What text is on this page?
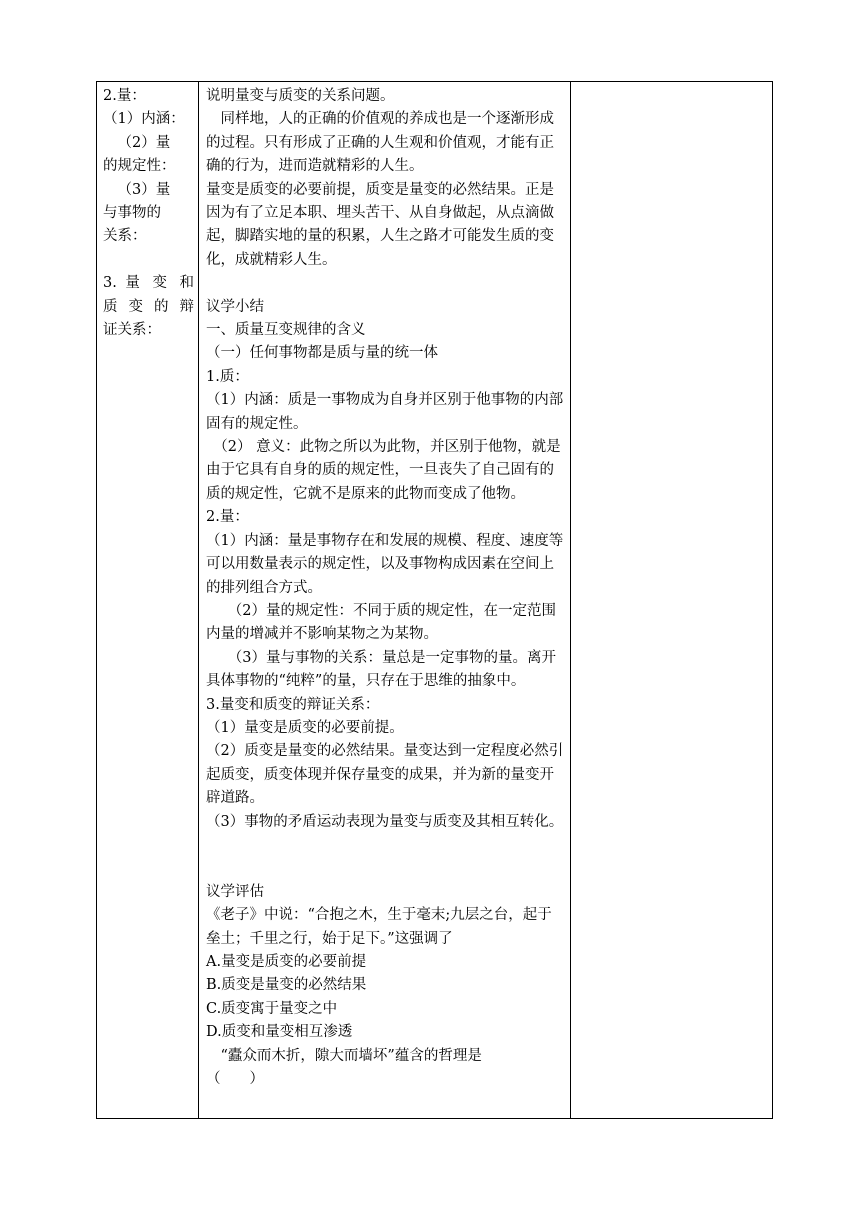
2.量：

（1）内涵：

（2）量

的规定性：

（3）量

与事物的

关系：

3. 量 变 和

质 变 的 辩

证关系：

说明量变与质变的关系问题。

同样地，人的正确的价值观的养成也是一个逐渐形成的过程。只有形成了正确的人生观和价值观，才能有正确的行为，进而造就精彩的人生。

量变是质变的必要前提，质变是量变的必然结果。正是因为有了立足本职、埋头苦干、从自身做起，从点滴做起，脚踏实地的量的积累，人生之路才可能发生质的变化，成就精彩人生。

议学小结

一、质量互变规律的含义

（一）任何事物都是质与量的统一体

1.质：

（1）内涵：质是一事物成为自身并区别于他事物的内部固有的规定性。

（2） 意义：此物之所以为此物，并区别于他物，就是由于它具有自身的质的规定性，一旦丧失了自己固有的质的规定性，它就不是原来的此物而变成了他物。

2.量：

（1）内涵：量是事物存在和发展的规模、程度、速度等可以用数量表示的规定性，以及事物构成因素在空间上的排列组合方式。

（2）量的规定性：不同于质的规定性，在一定范围内量的增减并不影响某物之为某物。

（3）量与事物的关系：量总是一定事物的量。离开具体事物的“纯粹”的量，只存在于思维的抽象中。

3.量变和质变的辩证关系：

（1）量变是质变的必要前提。

（2）质变是量变的必然结果。量变达到一定程度必然引起质变，质变体现并保存量变的成果，并为新的量变开辟道路。

（3）事物的矛盾运动表现为量变与质变及其相互转化。

议学评估

《老子》中说：“合抱之木，生于毫末;九层之台，起于垒土；千里之行，始于足下。”这强调了

A.量变是质变的必要前提

B.质变是量变的必然结果

C.质变寓于量变之中

D.质变和量变相互渗透

“蠹众而木折，隙大而墙坏”蕴含的哲理是

（　　）
